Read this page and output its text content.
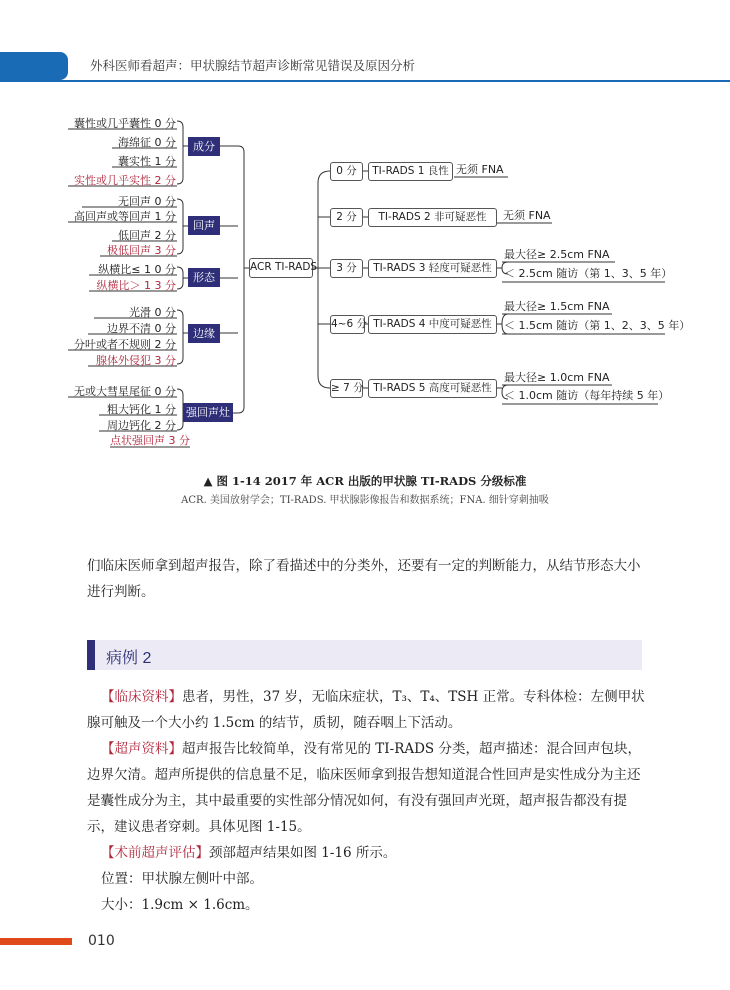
外科医师看超声：甲状腺结节超声诊断常见错误及原因分析
囊性或几乎囊性 0 分
海绵征 0 分
囊实性 1 分
实性或几乎实性 2 分
成分
无回声 0 分
高回声或等回声 1 分
低回声 2 分
极低回声 3 分
回声
纵横比≤ 1 0 分
纵横比＞ 1 3 分
形态
光滑 0 分
边界不清 0 分
分叶或者不规则 2 分
腺体外侵犯 3 分
边缘
无或大彗星尾征 0 分
粗大钙化 1 分
周边钙化 2 分
点状强回声 3 分
强回声灶
ACR TI-RADS
0 分	TI-RADS 1 良性 无须 FNA
2 分	TI-RADS 2 非可疑恶性	无须 FNA
3 分	TI-RADS 3 轻度可疑恶性
最大径≥ 2.5cm FNA
＜ 2.5cm 随访（第 1、3、5 年）
4~6 分 TI-RADS 4 中度可疑恶性
最大径≥ 1.5cm FNA
＜ 1.5cm 随访（第 1、2、3、5 年）
≥ 7 分 TI-RADS 5 高度可疑恶性
最大径≥ 1.0cm FNA
＜ 1.0cm 随访（每年持续 5 年）
▲ 图 1-14 2017 年 ACR 出版的甲状腺 TI-RADS 分级标准
ACR. 美国放射学会；TI-RADS. 甲状腺影像报告和数据系统；FNA. 细针穿刺抽吸
们临床医师拿到超声报告，除了看描述中的分类外，还要有一定的判断能力，从结节形态大小进行判断。
病例 2
【临床资料】患者，男性，37 岁，无临床症状，T₃、T₄、TSH 正常。专科体检：左侧甲状腺可触及一个大小约 1.5cm 的结节，质韧，随吞咽上下活动。
【超声资料】超声报告比较简单，没有常见的 TI-RADS 分类，超声描述：混合回声包块，边界欠清。超声所提供的信息量不足，临床医师拿到报告想知道混合性回声是实性成分为主还是囊性成分为主，其中最重要的实性部分情况如何，有没有强回声光斑，超声报告都没有提示，建议患者穿刺。具体见图 1-15。
【术前超声评估】颈部超声结果如图 1-16 所示。
位置：甲状腺左侧叶中部。
大小：1.9cm × 1.6cm。
010
